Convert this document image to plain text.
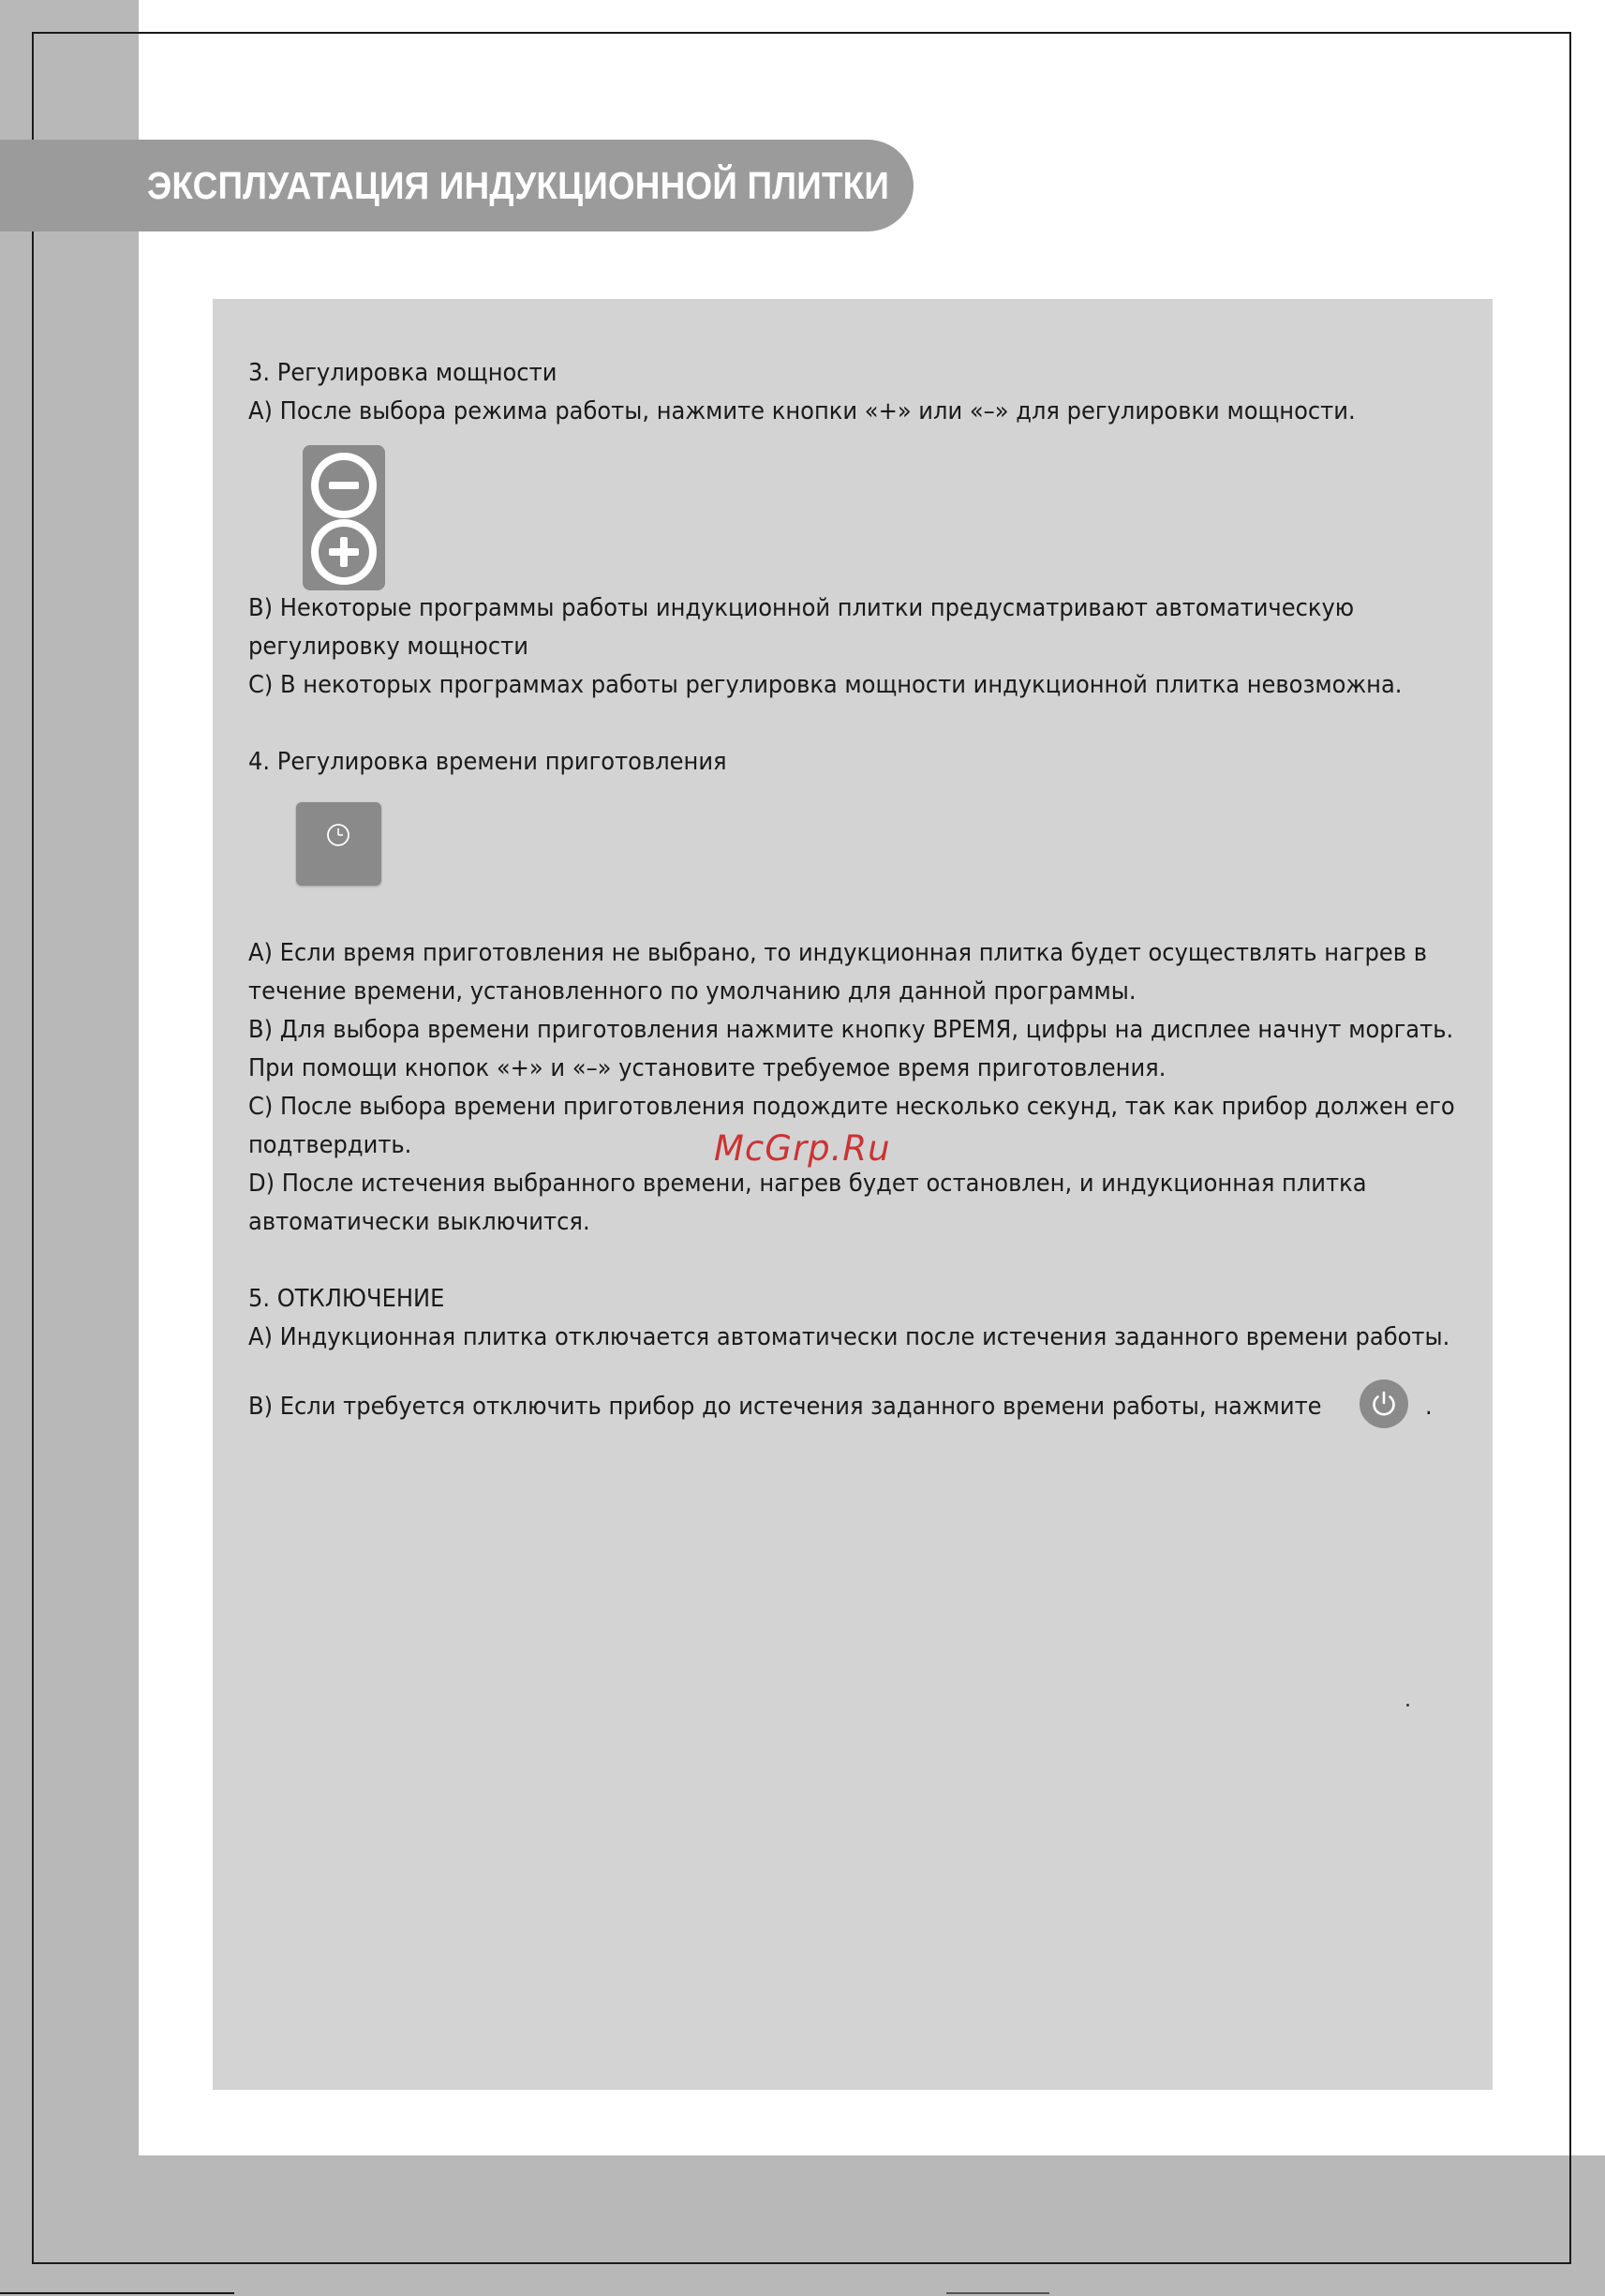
ЭКСПЛУАТАЦИЯ ИНДУКЦИОННОЙ ПЛИТКИ
3. Регулировка мощности
A) После выбора режима работы, нажмите кнопки «+» или «–» для регулировки мощности.
B) Некоторые программы работы индукционной плитки предусматривают автоматическую
регулировку мощности
С) В некоторых программах работы регулировка мощности индукционной плитка невозможна.
4. Регулировка времени приготовления
А) Если время приготовления не выбрано, то индукционная плитка будет осуществлять нагрев в
течение времени, установленного по умолчанию для данной программы.
В) Для выбора времени приготовления нажмите кнопку ВРЕМЯ, цифры на дисплее начнут моргать.
При помощи кнопок «+» и «–» установите требуемое время приготовления.
С) После выбора времени приготовления подождите несколько секунд, так как прибор должен его
подтвердить.
D) После истечения выбранного времени, нагрев будет остановлен, и индукционная плитка
автоматически выключится.
5. ОТКЛЮЧЕНИЕ
А) Индукционная плитка отключается автоматически после истечения заданного времени работы.
В) Если требуется отключить прибор до истечения заданного времени работы, нажмите	.
McGrp.Ru
